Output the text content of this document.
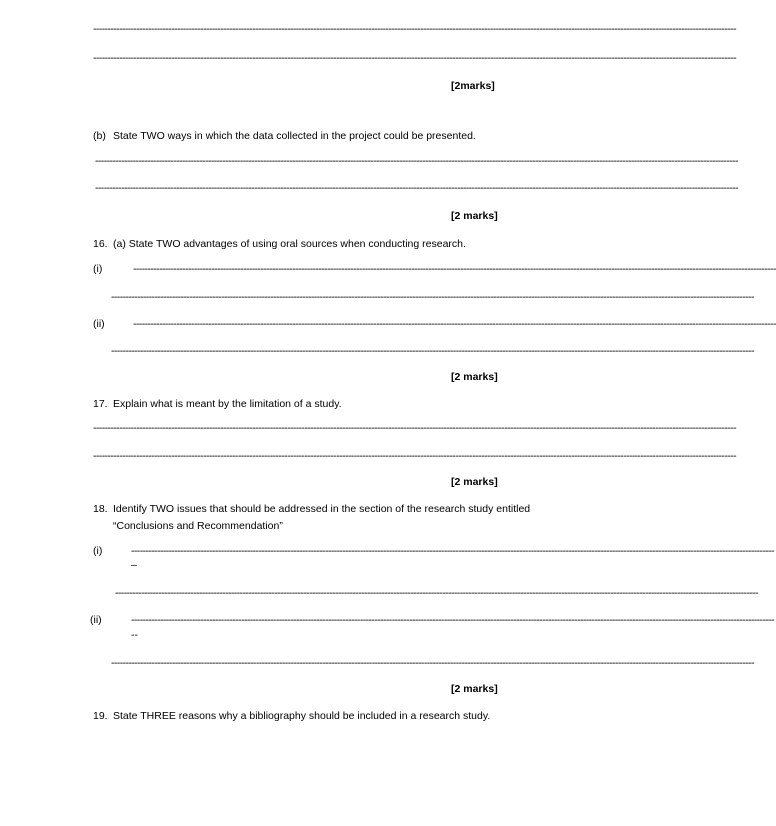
------------------------------------------------------------------------------------------------------------------------------------------------------------------------------------------------------------------------------
------------------------------------------------------------------------------------------------------------------------------------------------------------------------------------------------------------------------------
[2marks]
(b) State TWO ways in which the data collected in the project could be presented.
------------------------------------------------------------------------------------------------------------------------------------------------------------------------------------------------------------------------------
------------------------------------------------------------------------------------------------------------------------------------------------------------------------------------------------------------------------------
[2 marks]
16. (a) State TWO advantages of using oral sources when conducting research.
(i)	------------------------------------------------------------------------------------------------------------------------------------------------------------------------------------------------------------------------------
------------------------------------------------------------------------------------------------------------------------------------------------------------------------------------------------------------------------------
(ii)	------------------------------------------------------------------------------------------------------------------------------------------------------------------------------------------------------------------------------
------------------------------------------------------------------------------------------------------------------------------------------------------------------------------------------------------------------------------
[2 marks]
17. Explain what is meant by the limitation of a study.
------------------------------------------------------------------------------------------------------------------------------------------------------------------------------------------------------------------------------
------------------------------------------------------------------------------------------------------------------------------------------------------------------------------------------------------------------------------
[2 marks]
18. Identify TWO issues that should be addressed in the section of the research study entitled
“Conclusions and Recommendation”
(i)	------------------------------------------------------------------------------------------------------------------------------------------------------------------------------------------------------------------------------
–
------------------------------------------------------------------------------------------------------------------------------------------------------------------------------------------------------------------------------
(ii)	------------------------------------------------------------------------------------------------------------------------------------------------------------------------------------------------------------------------------
--
------------------------------------------------------------------------------------------------------------------------------------------------------------------------------------------------------------------------------
[2 marks]
19. State THREE reasons why a bibliography should be included in a research study.
